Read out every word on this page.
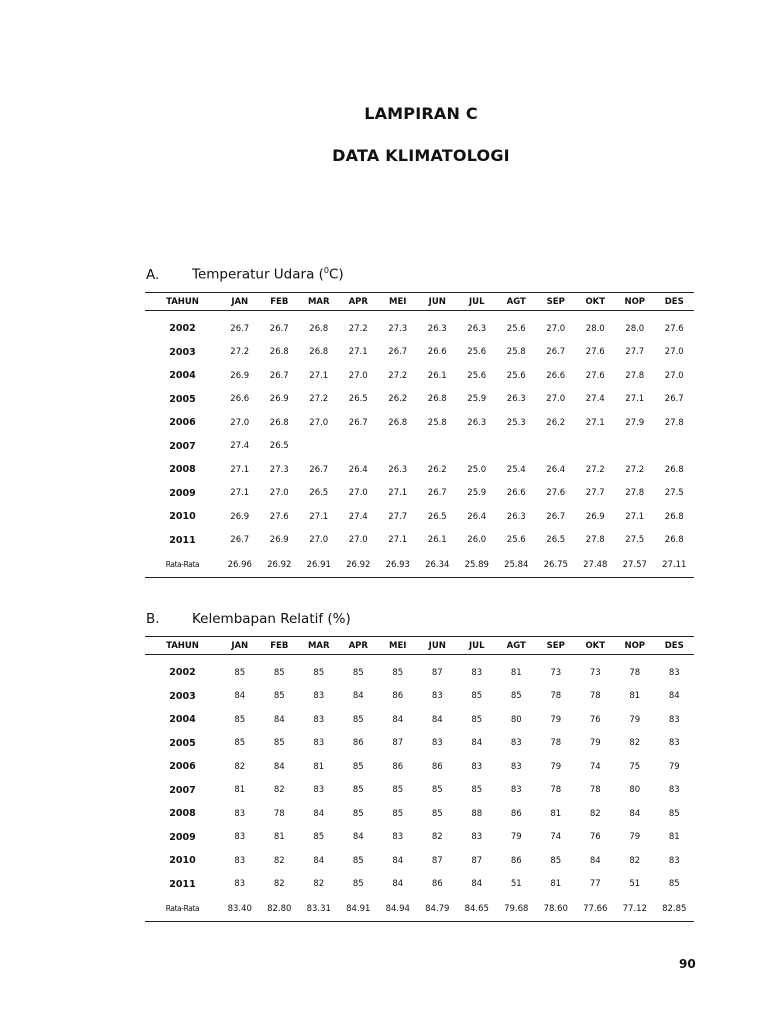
LAMPIRAN C
DATA KLIMATOLOGI
A. Temperatur Udara ($^0$C)
TAHUN	JAN	FEB	MAR	APR	MEI	JUN	JUL	AGT	SEP	OKT	NOP	DES
2002	26.7	26.7	26.8	27.2	27.3	26.3	26.3	25.6	27.0	28.0	28.0	27.6
2003	27.2	26.8	26.8	27.1	26.7	26.6	25.6	25.8	26.7	27.6	27.7	27.0
2004	26.9	26.7	27.1	27.0	27.2	26.1	25.6	25.6	26.6	27.6	27.8	27.0
2005	26.6	26.9	27.2	26.5	26.2	26.8	25.9	26.3	27.0	27.4	27.1	26.7
2006	27.0	26.8	27.0	26.7	26.8	25.8	26.3	25.3	26.2	27.1	27.9	27.8
2007	27.4	26.5										
2008	27.1	27.3	26.7	26.4	26.3	26.2	25.0	25.4	26.4	27.2	27.2	26.8
2009	27.1	27.0	26.5	27.0	27.1	26.7	25.9	26.6	27.6	27.7	27.8	27.5
2010	26.9	27.6	27.1	27.4	27.7	26.5	26.4	26.3	26.7	26.9	27.1	26.8
2011	26.7	26.9	27.0	27.0	27.1	26.1	26.0	25.6	26.5	27.8	27.5	26.8
Rata-Rata	26.96	26.92	26.91	26.92	26.93	26.34	25.89	25.84	26.75	27.48	27.57	27.11
B. Kelembapan Relatif (%)
TAHUN	JAN	FEB	MAR	APR	MEI	JUN	JUL	AGT	SEP	OKT	NOP	DES
2002	85	85	85	85	85	87	83	81	73	73	78	83
2003	84	85	83	84	86	83	85	85	78	78	81	84
2004	85	84	83	85	84	84	85	80	79	76	79	83
2005	85	85	83	86	87	83	84	83	78	79	82	83
2006	82	84	81	85	86	86	83	83	79	74	75	79
2007	81	82	83	85	85	85	85	83	78	78	80	83
2008	83	78	84	85	85	85	88	86	81	82	84	85
2009	83	81	85	84	83	82	83	79	74	76	79	81
2010	83	82	84	85	84	87	87	86	85	84	82	83
2011	83	82	82	85	84	86	84	51	81	77	51	85
Rata-Rata	83.40	82.80	83.31	84.91	84.94	84.79	84.65	79.68	78.60	77.66	77.12	82.85
90
